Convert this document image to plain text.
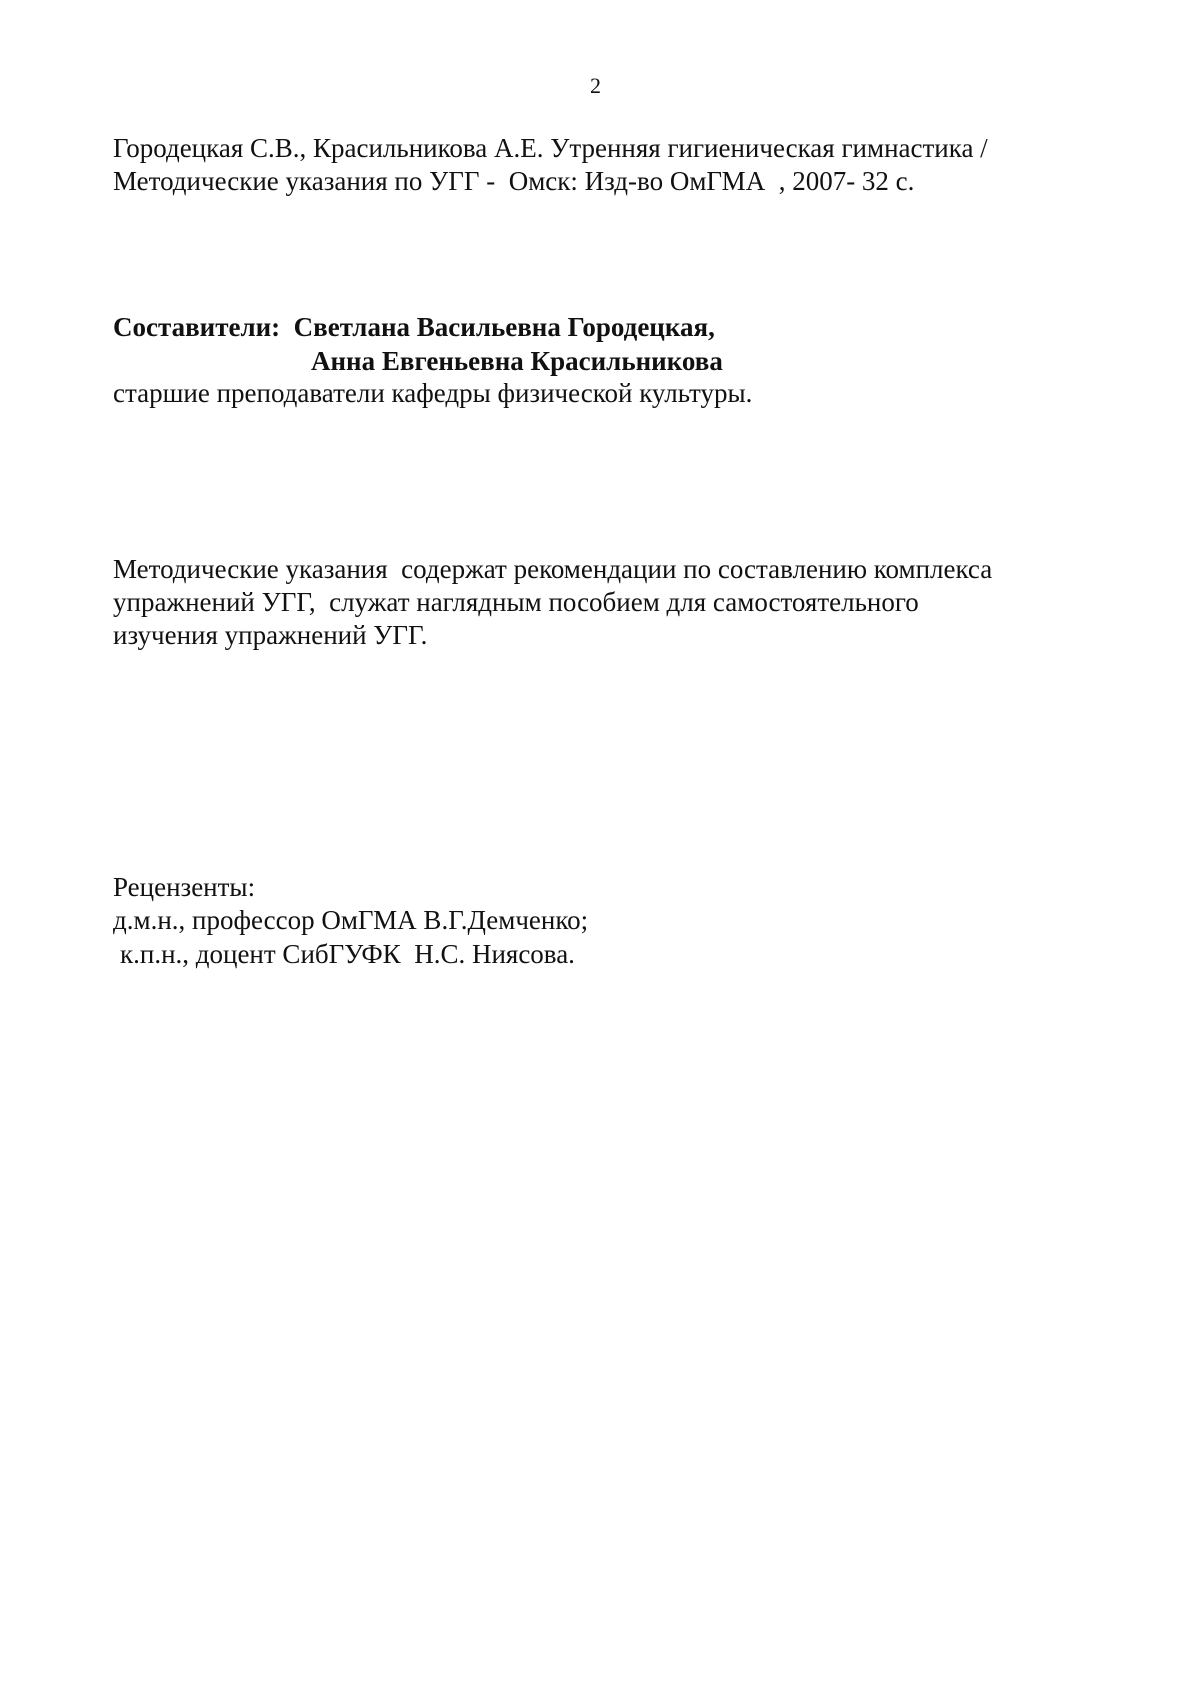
2

Городецкая С.В., Красильникова А.Е. Утренняя гигиеническая гимнастика /

Методические указания по УГГ -  Омск: Изд-во ОмГМА  , 2007- 32 с.

Составители: Светлана Васильевна Городецкая,

Анна Евгеньевна Красильникова

старшие преподаватели кафедры физической культуры.

Методические указания  содержат рекомендации по составлению комплекса

упражнений УГГ,  служат наглядным пособием для самостоятельного

изучения упражнений УГГ.

Рецензенты:

д.м.н., профессор ОмГМА В.Г.Демченко;

к.п.н., доцент СибГУФК  Н.С. Ниясова.
